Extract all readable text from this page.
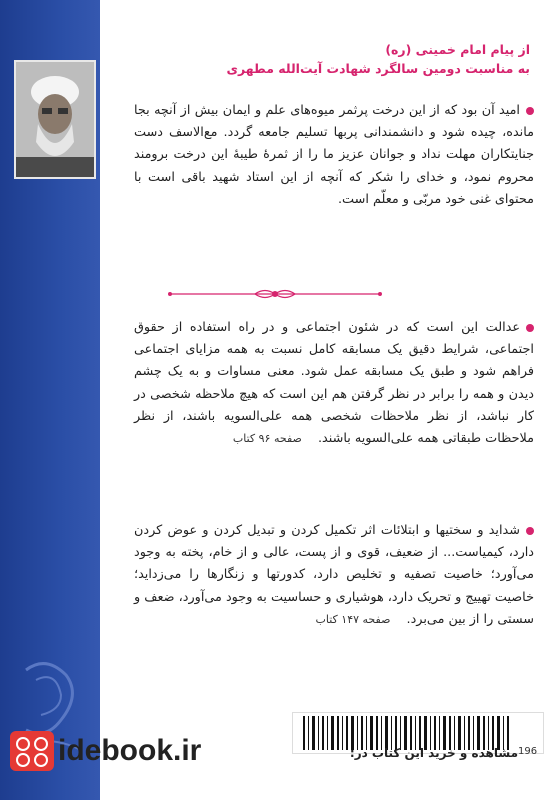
از پیام امام خمینی (ره)
به مناسبت دومین سالگرد شهادت آیت‌الله مطهری
امید آن بود که از این درخت پرثمر میوه‌های علم و ایمان بیش از آنچه بجا مانده، چیده شود و دانشمندانی پربها تسلیم جامعه گردد. مع‌الاسف دست جنایتکاران مهلت نداد و جوانان عزیز ما را از ثمرۀ طیبۀ این درخت برومند محروم نمود، و خدای را شکر که آنچه از این استاد شهید باقی است با محتوای غنی خود مربّی و معلّم است.
عدالت این است که در شئون اجتماعی و در راه استفاده از حقوق اجتماعی، شرایط دقیق یک مسابقه کامل نسبت به همه مزایای اجتماعی فراهم شود و طبق یک مسابقه عمل شود. معنی مساوات و به یک چشم دیدن و همه را برابر در نظر گرفتن هم این است که هیچ ملاحظه شخصی در کار نباشد، از نظر ملاحظات شخصی همه علی‌السویه باشند، از نظر ملاحظات طبقاتی همه علی‌السویه باشند. صفحه ۹۶ کتاب
شداید و سختیها و ابتلائات اثر تکمیل کردن و تبدیل کردن و عوض کردن دارد، کیمیاست... از ضعیف، قوی و از پست، عالی و از خام، پخته به وجود می‌آورد؛ خاصیت تصفیه و تخلیص دارد، کدورتها و زنگارها را می‌زداید؛ خاصیت تهییج و تحریک دارد، هوشیاری و حساسیت به وجود می‌آورد، ضعف و سستی را از بین می‌برد. صفحه ۱۴۷ کتاب
196
مشاهده و خرید این کتاب در:
idebook.ir
